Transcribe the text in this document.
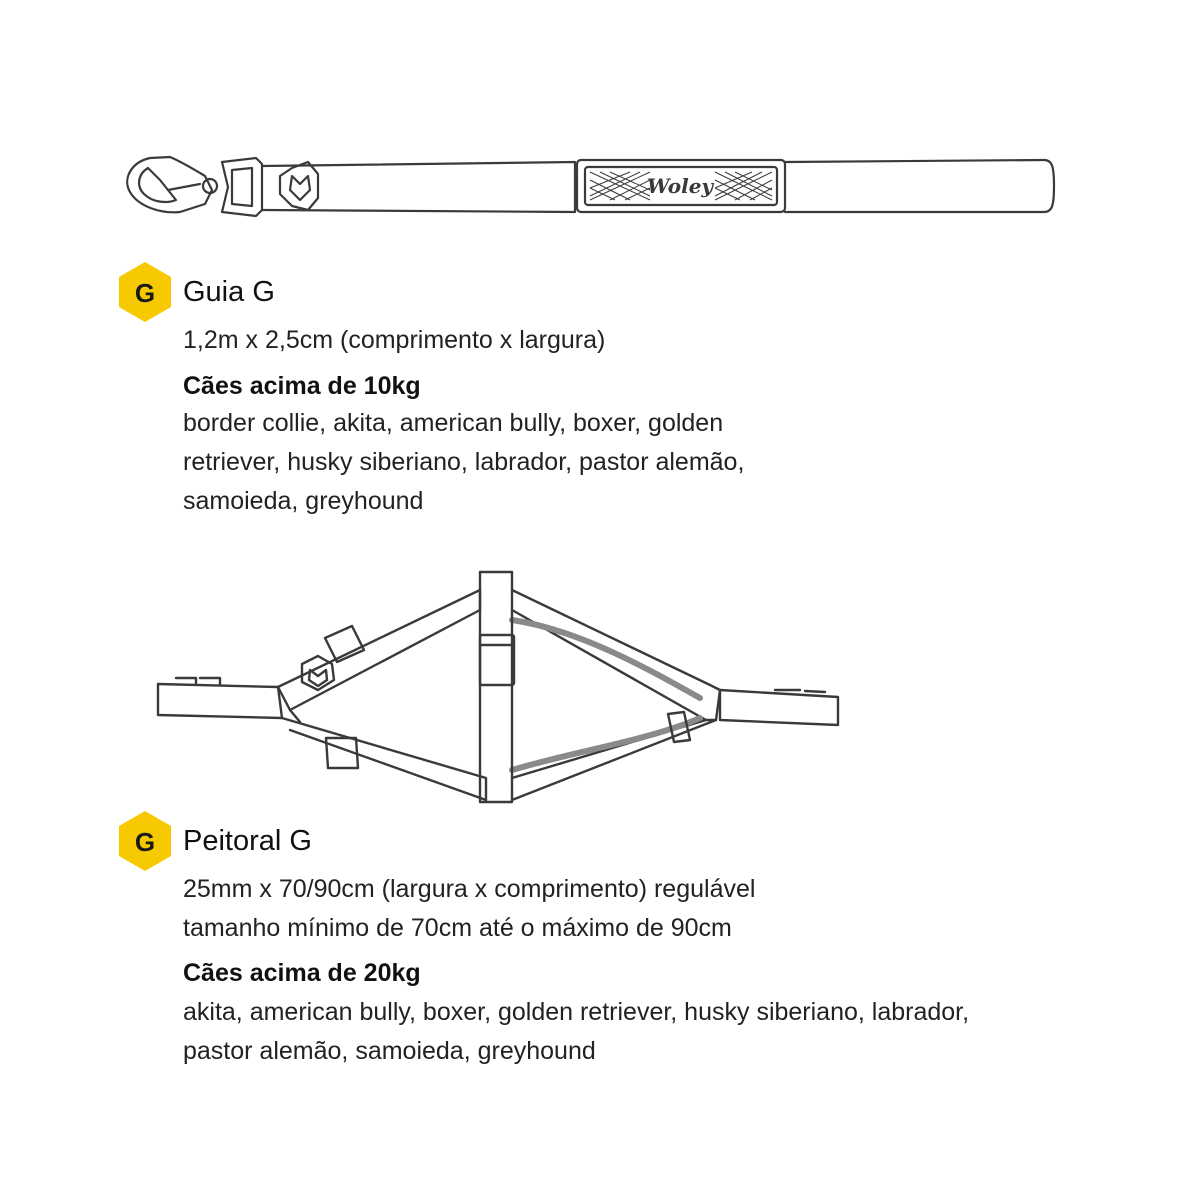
Woley
G Guia G

1,2m x 2,5cm (comprimento x largura)

Cães acima de 10kg

border collie, akita, american bully, boxer, golden
retriever, husky siberiano, labrador, pastor alemão,
samoieda, greyhound

G Peitoral G

25mm x 70/90cm (largura x comprimento) regulável
tamanho mínimo de 70cm até o máximo de 90cm

Cães acima de 20kg

akita, american bully, boxer, golden retriever, husky siberiano, labrador,
pastor alemão, samoieda, greyhound
